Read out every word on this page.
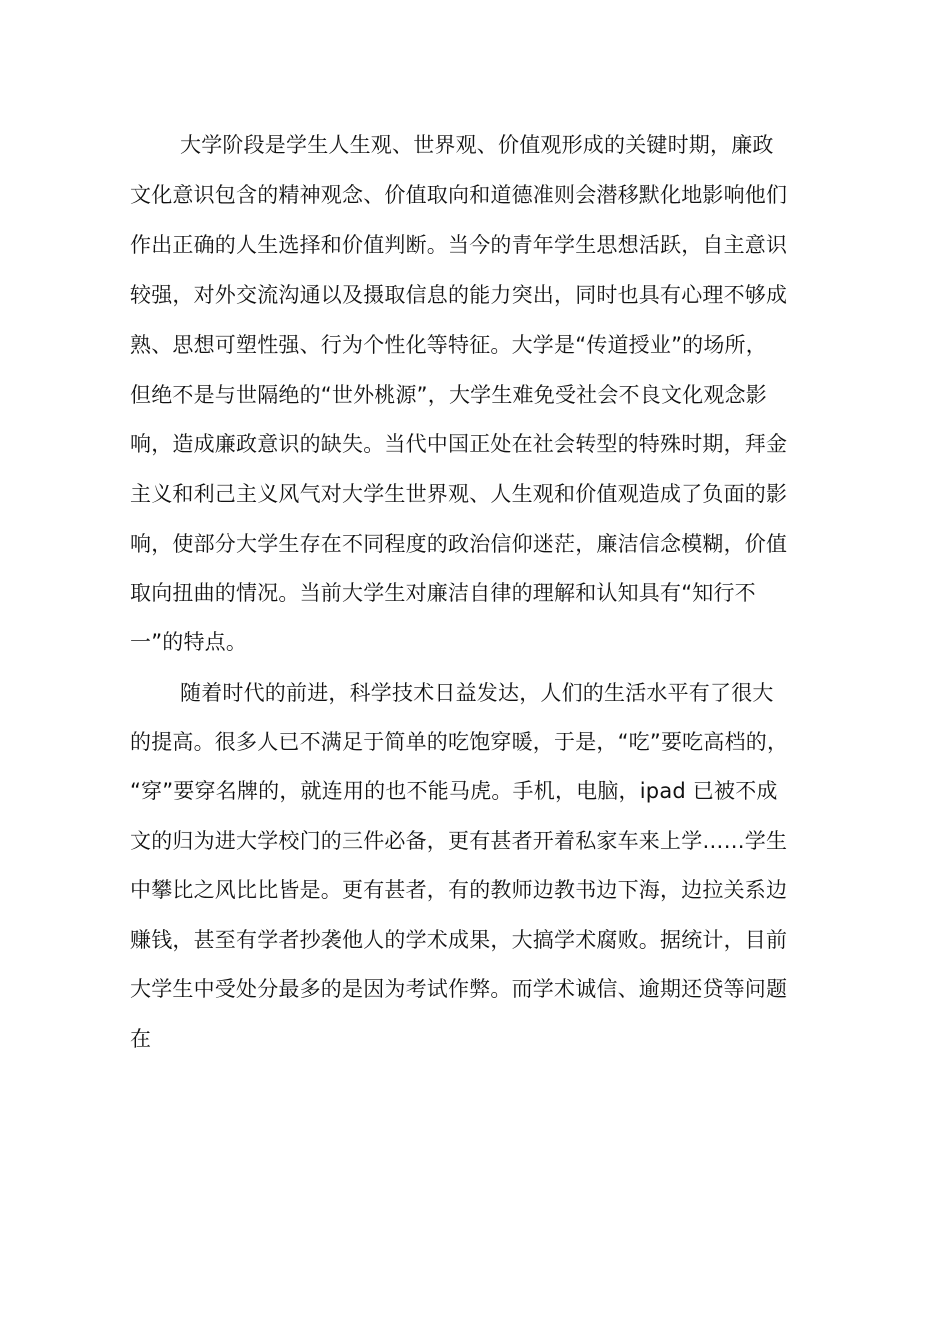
大学阶段是学生人生观、世界观、价值观形成的关键时期，廉政
文化意识包含的精神观念、价值取向和道德准则会潜移默化地影响他们
作出正确的人生选择和价值判断。当今的青年学生思想活跃，自主意识
较强，对外交流沟通以及摄取信息的能力突出，同时也具有心理不够成
熟、思想可塑性强、行为个性化等特征。大学是“传道授业”的场所，
但绝不是与世隔绝的“世外桃源”，大学生难免受社会不良文化观念影
响，造成廉政意识的缺失。当代中国正处在社会转型的特殊时期，拜金
主义和利己主义风气对大学生世界观、人生观和价值观造成了负面的影
响，使部分大学生存在不同程度的政治信仰迷茫，廉洁信念模糊，价值
取向扭曲的情况。当前大学生对廉洁自律的理解和认知具有“知行不
一”的特点。
随着时代的前进，科学技术日益发达，人们的生活水平有了很大
的提高。很多人已不满足于简单的吃饱穿暖，于是，“吃”要吃高档的，
“穿”要穿名牌的，就连用的也不能马虎。手机，电脑，ipad 已被不成
文的归为进大学校门的三件必备，更有甚者开着私家车来上学……学生
中攀比之风比比皆是。更有甚者，有的教师边教书边下海，边拉关系边
赚钱，甚至有学者抄袭他人的学术成果，大搞学术腐败。据统计，目前
大学生中受处分最多的是因为考试作弊。而学术诚信、逾期还贷等问题
在
